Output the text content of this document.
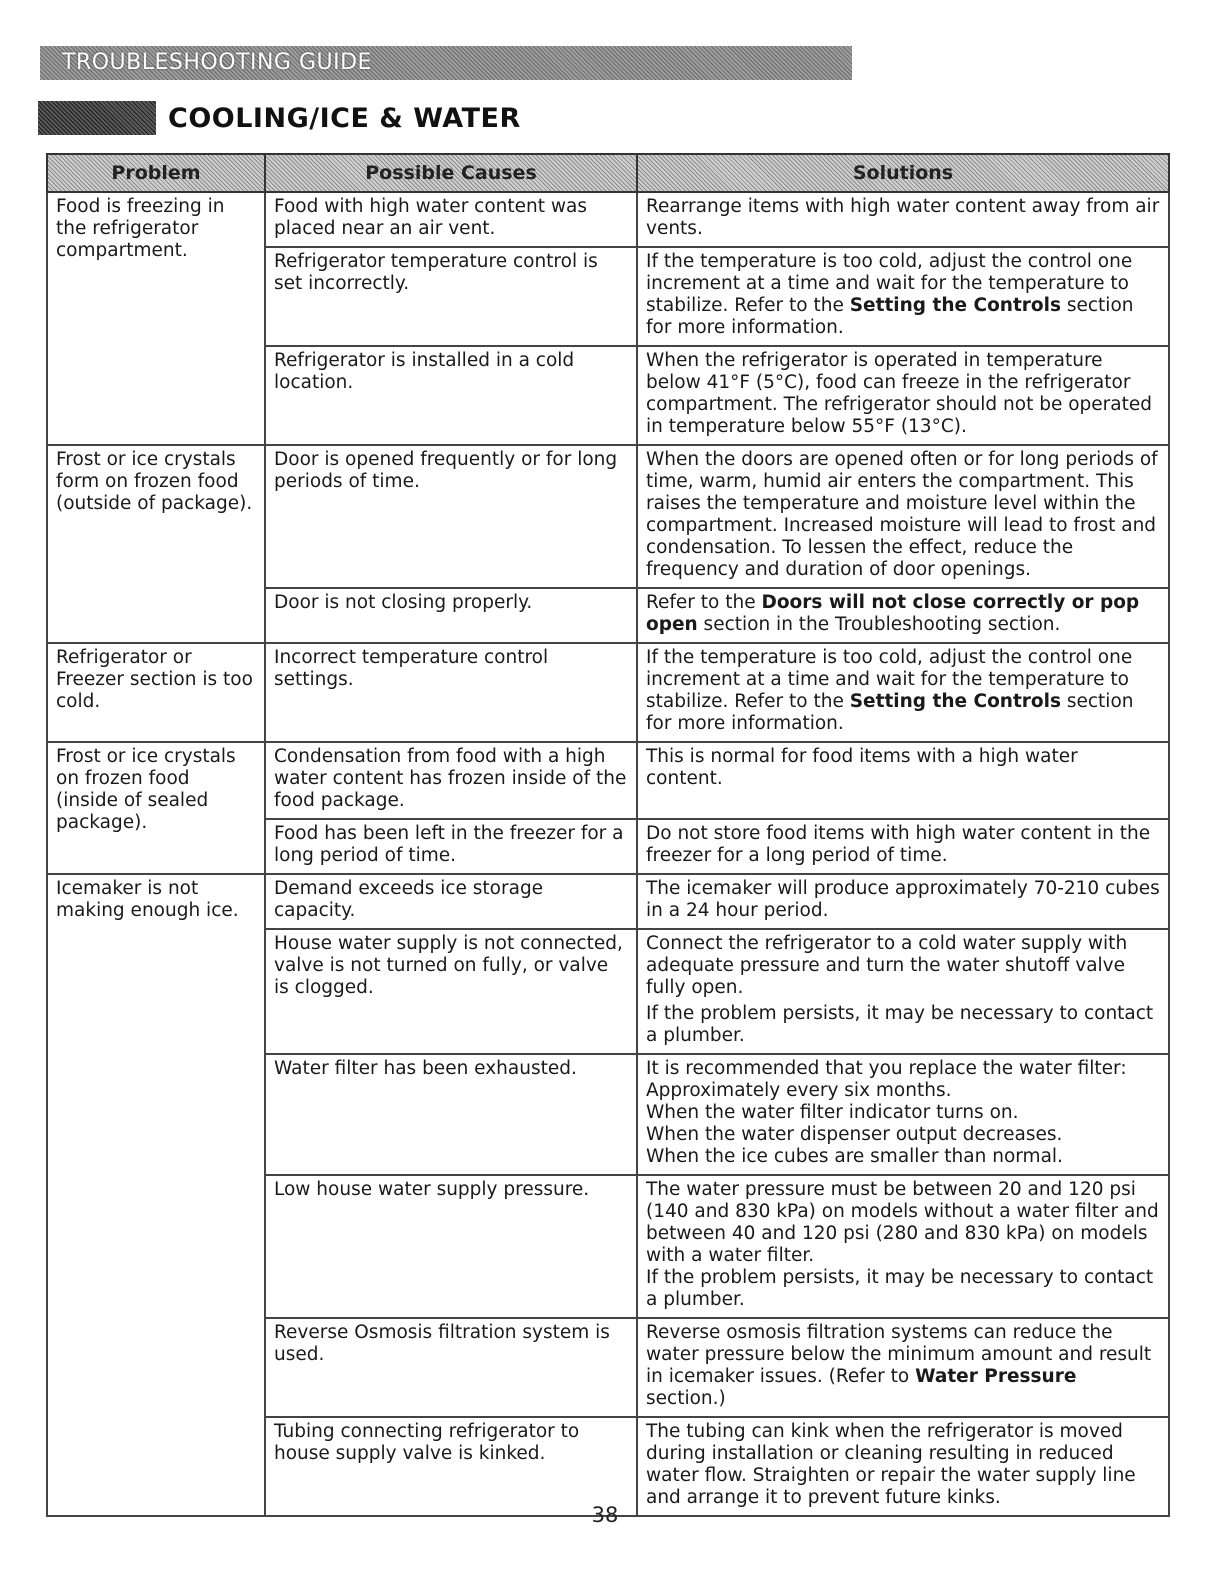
TROUBLESHOOTING GUIDE
COOLING/ICE & WATER
Problem	Possible Causes	Solutions
Food is freezing in the refrigerator compartment.	Food with high water content was placed near an air vent.	Rearrange items with high water content away from air vents.

	Refrigerator temperature control is set incorrectly.	If the temperature is too cold, adjust the control one increment at a time and wait for the temperature to stabilize. Refer to the Setting the Controls section for more information.

	Refrigerator is installed in a cold location.	When the refrigerator is operated in temperature below 41°F (5°C), food can freeze in the refrigerator compartment. The refrigerator should not be operated in temperature below 55°F (13°C).

Frost or ice crystals form on frozen food (outside of package).	Door is opened frequently or for long periods of time.	When the doors are opened often or for long periods of time, warm, humid air enters the compartment. This raises the temperature and moisture level within the compartment. Increased moisture will lead to frost and condensation. To lessen the effect, reduce the frequency and duration of door openings.

	Door is not closing properly.	Refer to the Doors will not close correctly or pop open section in the Troubleshooting section.

Refrigerator or Freezer section is too cold.	Incorrect temperature control settings.	If the temperature is too cold, adjust the control one increment at a time and wait for the temperature to stabilize. Refer to the Setting the Controls section for more information.

Frost or ice crystals on frozen food (inside of sealed package).	Condensation from food with a high water content has frozen inside of the food package.	This is normal for food items with a high water content.

	Food has been left in the freezer for a long period of time.	Do not store food items with high water content in the freezer for a long period of time.

Icemaker is not making enough ice.	Demand exceeds ice storage capacity.	The icemaker will produce approximately 70-210 cubes in a 24 hour period.

	House water supply is not connected, valve is not turned on fully, or valve is clogged.	Connect the refrigerator to a cold water supply with adequate pressure and turn the water shutoff valve fully open.

If the problem persists, it may be necessary to contact a plumber.

	Water filter has been exhausted.	It is recommended that you replace the water filter:

Approximately every six months.
When the water filter indicator turns on.
When the water dispenser output decreases.
When the ice cubes are smaller than normal.

	Low house water supply pressure.	The water pressure must be between 20 and 120 psi (140 and 830 kPa) on models without a water filter and between 40 and 120 psi (280 and 830 kPa) on models with a water filter.

If the problem persists, it may be necessary to contact a plumber.

	Reverse Osmosis filtration system is used.	Reverse osmosis filtration systems can reduce the water pressure below the minimum amount and result in icemaker issues. (Refer to Water Pressure section.)

	Tubing connecting refrigerator to house supply valve is kinked.	The tubing can kink when the refrigerator is moved during installation or cleaning resulting in reduced water flow. Straighten or repair the water supply line and arrange it to prevent future kinks.

38
